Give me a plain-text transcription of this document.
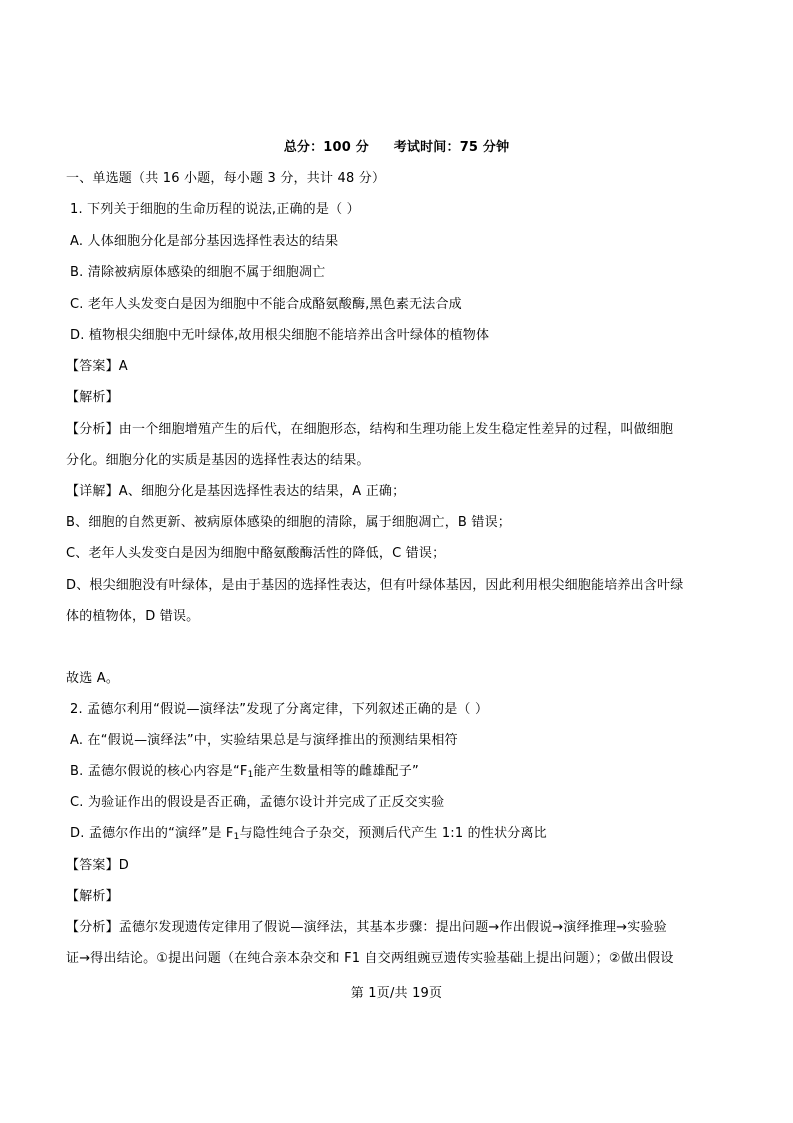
总分：100 分 考试时间：75 分钟
一、单选题（共 16 小题，每小题 3 分，共计 48 分）
1. 下列关于细胞的生命历程的说法,正确的是（ ）
A. 人体细胞分化是部分基因选择性表达的结果
B. 清除被病原体感染的细胞不属于细胞凋亡
C. 老年人头发变白是因为细胞中不能合成酪氨酸酶,黑色素无法合成
D. 植物根尖细胞中无叶绿体,故用根尖细胞不能培养出含叶绿体的植物体
【答案】A
【解析】
【分析】由一个细胞增殖产生的后代，在细胞形态，结构和生理功能上发生稳定性差异的过程，叫做细胞
分化。细胞分化的实质是基因的选择性表达的结果。
【详解】A、细胞分化是基因选择性表达的结果，A 正确；
B、细胞的自然更新、被病原体感染的细胞的清除，属于细胞凋亡，B 错误；
C、老年人头发变白是因为细胞中酪氨酸酶活性的降低，C 错误；
D、根尖细胞没有叶绿体，是由于基因的选择性表达，但有叶绿体基因，因此利用根尖细胞能培养出含叶绿
体的植物体，D 错误。
故选 A。
2. 孟德尔利用“假说—演绎法”发现了分离定律，下列叙述正确的是（ ）
A. 在“假说—演绎法”中，实验结果总是与演绎推出的预测结果相符
B. 孟德尔假说的核心内容是“$F_1$能产生数量相等的雌雄配子”
C. 为验证作出的假设是否正确，孟德尔设计并完成了正反交实验
D. 孟德尔作出的“演绎”是 $F_1$与隐性纯合子杂交，预测后代产生 1:1 的性状分离比
【答案】D
【解析】
【分析】孟德尔发现遗传定律用了假说—演绎法，其基本步骤：提出问题→作出假说→演绎推理→实验验
证→得出结论。①提出问题（在纯合亲本杂交和 F1 自交两组豌豆遗传实验基础上提出问题）；②做出假设
第 1页/共 19页
